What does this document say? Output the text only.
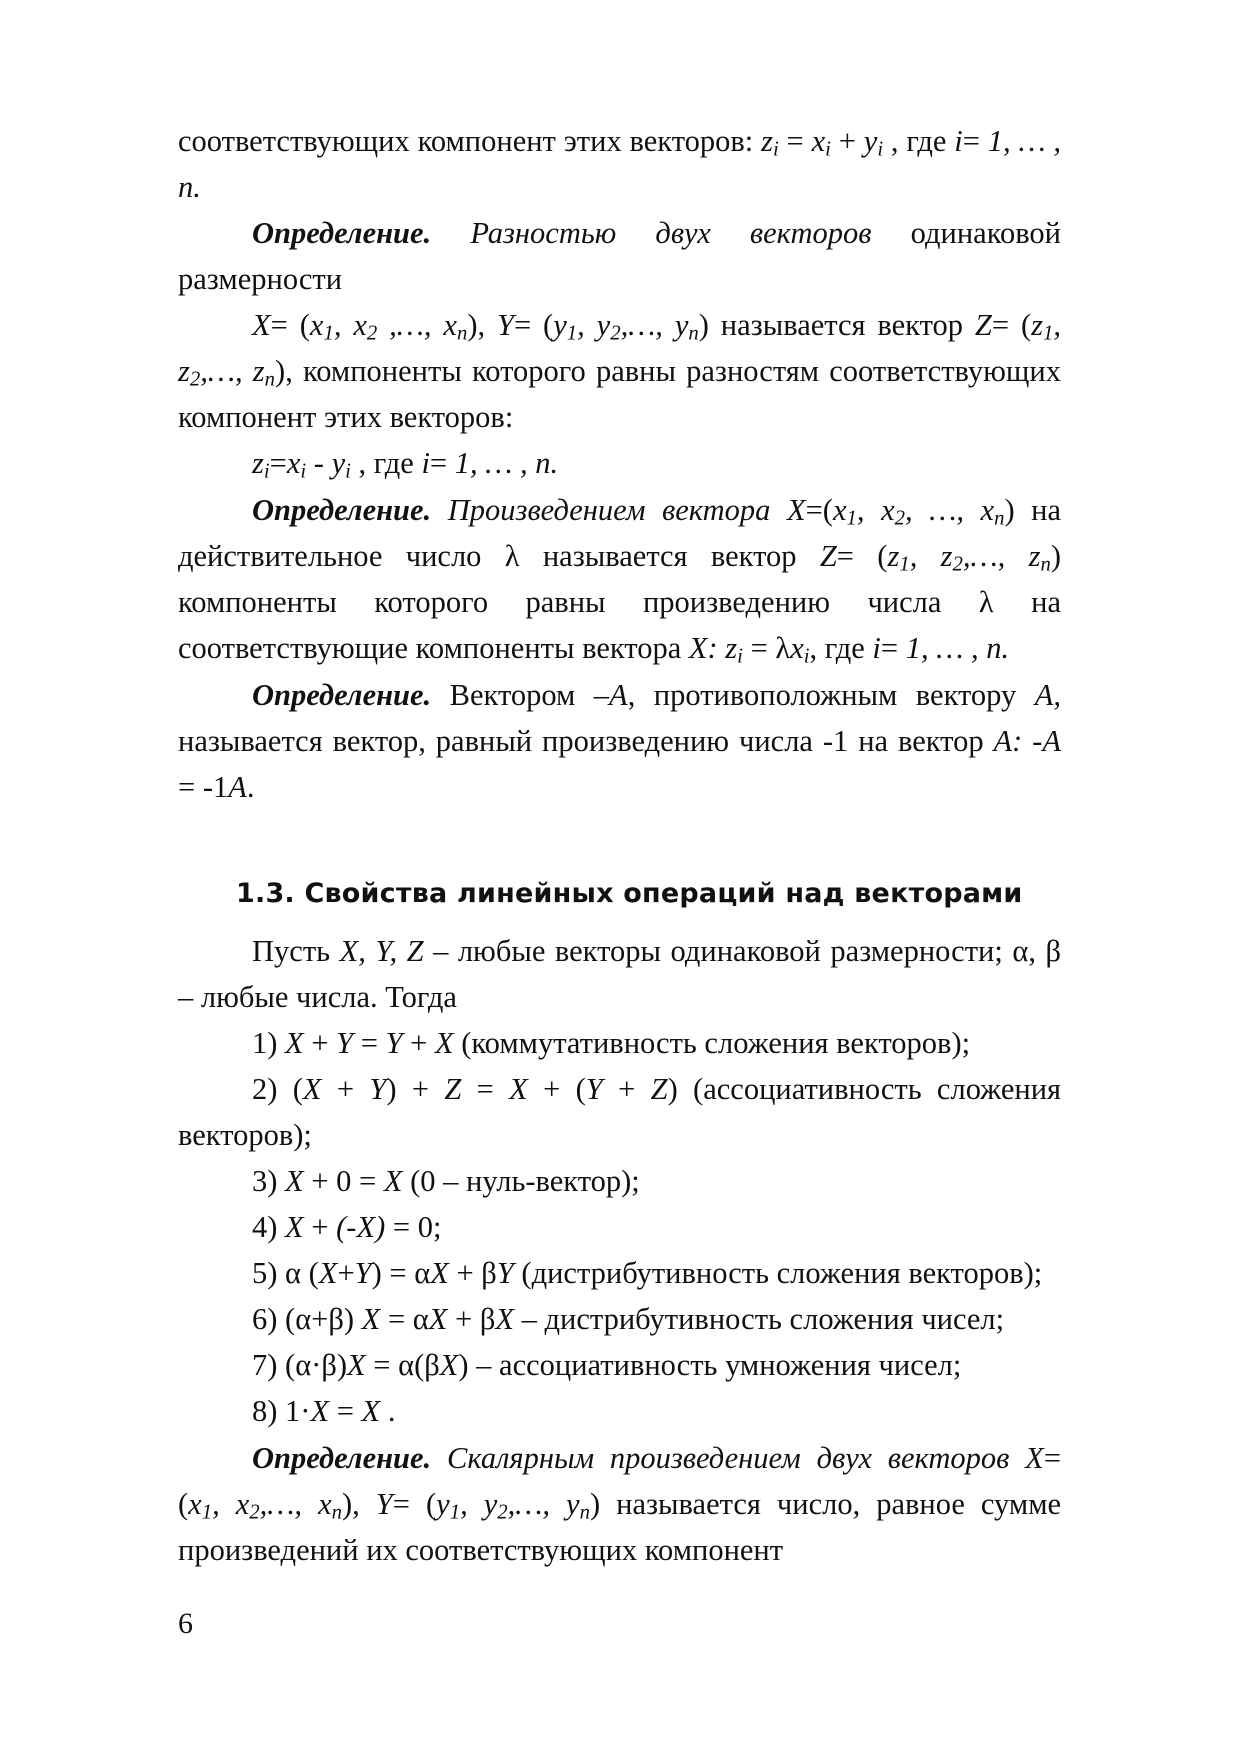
соответствующих компонент этих векторов: $z_i = x_i + y_i$ , где i= 1, … , n.

Определение. Разностью двух векторов одинаковой размерности

$X= (x_1$, $x_2$ ,…, $x_n$), $Y= (y_1$, $y_2,\dots$, $y_n$) называется вектор $Z= (z_1$, $z_2,\dots$, $z_n$), компоненты которого равны разностям соответствующих компонент этих векторов:

$z_i=x_i - y_i$ , где i= 1, … , n.

Определение. Произведением вектора $X=(x_1$, $x_2$, …, $x_n$) на действительное число λ называется вектор $Z= (z_1$, $z_2,\dots$, $z_n$) компоненты которого равны произведению числа λ на соответствующие компоненты вектора X: $z_i = \lambda x_i$, где i= 1, … , n.

Определение. Вектором –A, противоположным вектору A, называется вектор, равный произведению числа -1 на вектор A: -A = -1A.

1.3. Свойства линейных операций над векторами

Пусть X, Y, Z – любые векторы одинаковой размерности; α, β – любые числа. Тогда

1) X + Y = Y + X (коммутативность сложения векторов);

2) (X + Y) + Z = X + (Y + Z) (ассоциативность сложения векторов);

3) X + 0 = X (0 – нуль-вектор);

4) X + (-X) = 0;

5) α (X+Y) = αX + βY (дистрибутивность сложения векторов);

6) (α+β) X = αX + βX – дистрибутивность сложения чисел;

7) (α·β)X = α(βX) – ассоциативность умножения чисел;

8) 1·X = X .

Определение. Скалярным произведением двух векторов $X= (x_1$, $x_2,\dots$, $x_n$), $Y= (y_1$, $y_2,\dots$, $y_n$) называется число, равное сумме произведений их соответствующих компонент

6
